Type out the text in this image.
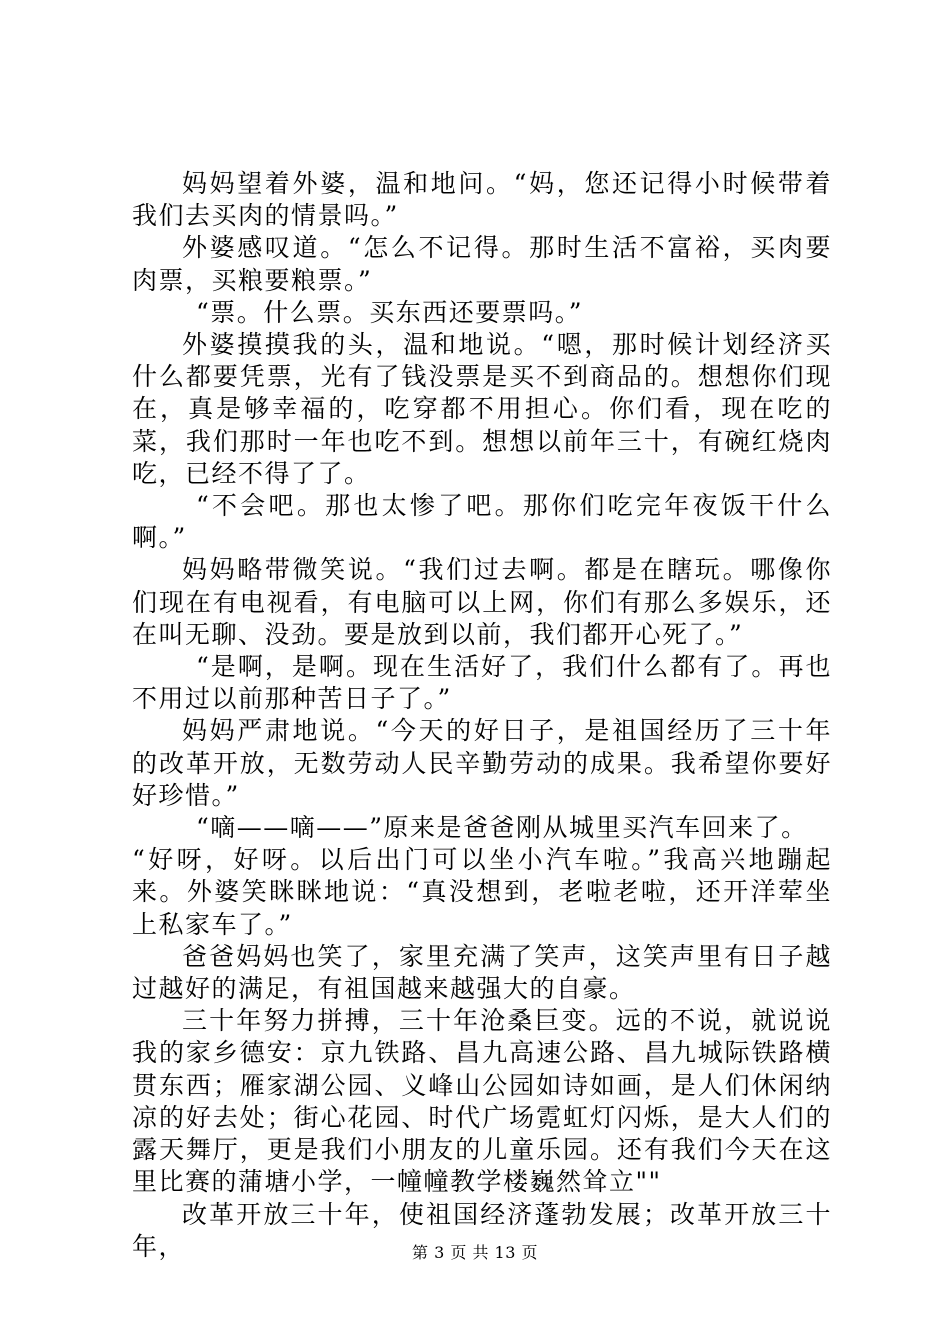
妈妈望着外婆，温和地问。“妈，您还记得小时候带着我们去买肉的情景吗。”

外婆感叹道。“怎么不记得。那时生活不富裕，买肉要肉票，买粮要粮票。”

“票。什么票。买东西还要票吗。”

外婆摸摸我的头，温和地说。“嗯，那时候计划经济买什么都要凭票，光有了钱没票是买不到商品的。想想你们现在，真是够幸福的，吃穿都不用担心。你们看，现在吃的菜，我们那时一年也吃不到。想想以前年三十，有碗红烧肉吃，已经不得了了。

“不会吧。那也太惨了吧。那你们吃完年夜饭干什么啊。”

妈妈略带微笑说。“我们过去啊。都是在瞎玩。哪像你们现在有电视看，有电脑可以上网，你们有那么多娱乐，还在叫无聊、没劲。要是放到以前，我们都开心死了。”

“是啊，是啊。现在生活好了，我们什么都有了。再也不用过以前那种苦日子了。”

妈妈严肃地说。“今天的好日子，是祖国经历了三十年的改革开放，无数劳动人民辛勤劳动的成果。我希望你要好好珍惜。”

“嘀——嘀——”原来是爸爸刚从城里买汽车回来了。

“好呀，好呀。以后出门可以坐小汽车啦。”我高兴地蹦起来。外婆笑眯眯地说：“真没想到，老啦老啦，还开洋荤坐上私家车了。”

爸爸妈妈也笑了，家里充满了笑声，这笑声里有日子越过越好的满足，有祖国越来越强大的自豪。

三十年努力拼搏，三十年沧桑巨变。远的不说，就说说我的家乡德安：京九铁路、昌九高速公路、昌九城际铁路横贯东西；雁家湖公园、义峰山公园如诗如画，是人们休闲纳凉的好去处；街心花园、时代广场霓虹灯闪烁，是大人们的露天舞厅，更是我们小朋友的儿童乐园。还有我们今天在这里比赛的蒲塘小学，一幢幢教学楼巍然耸立""

改革开放三十年，使祖国经济蓬勃发展；改革开放三十年，	第 3 页 共 13 页
